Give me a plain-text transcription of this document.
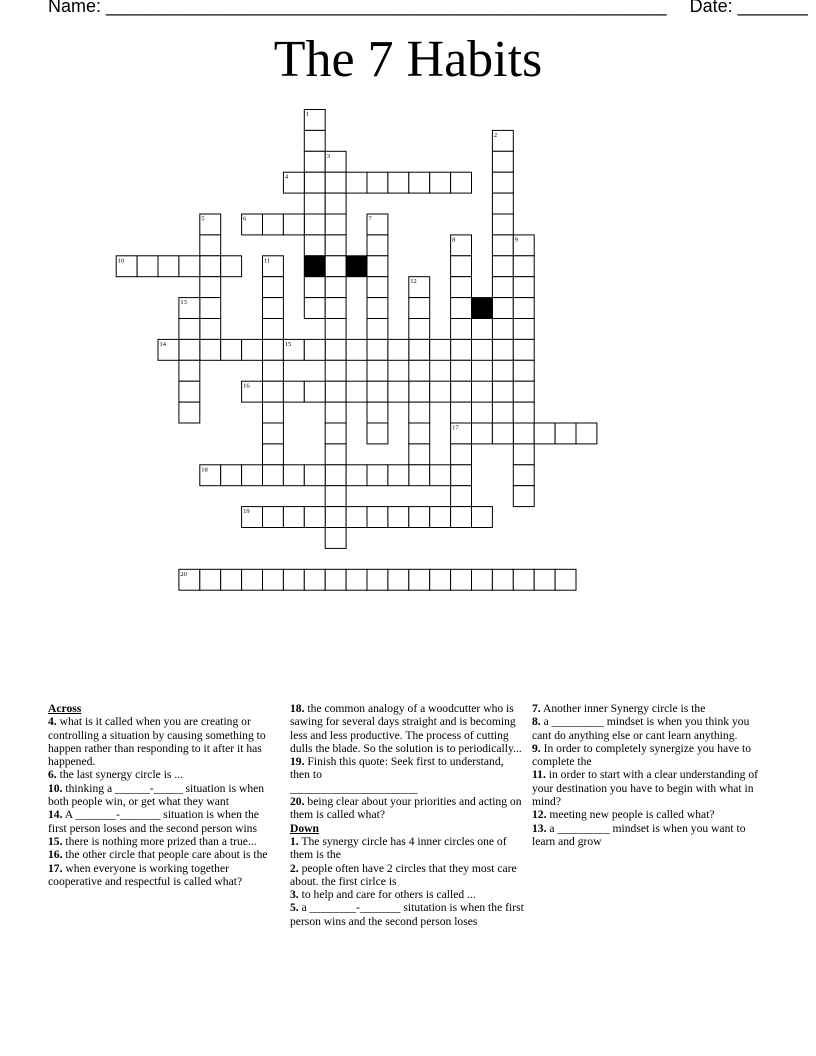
Name: ________________________________________________________ Date: _______
The 7 Habits
1
2
3
4
5	6	7
8
17
9
10	11
12
13
14	15
16
18
19
20
Across

4. what is it called when you are creating or controlling a situation by causing something to happen rather than responding to it after it has happened.

6. the last synergy circle is ...

10. thinking a ______-_____ situation is when both people win, or get what they want

14. A _______-_______ situation is when the first person loses and the second person wins

15. there is nothing more prized than a true...

16. the other circle that people care about is the

17. when everyone is working together cooperative and respectful is called what?

18. the common analogy of a woodcutter who is sawing for several days straight and is becoming less and less productive. The process of cutting dulls the blade. So the solution is to periodically...

19. Finish this quote: Seek first to understand, then to

______________________

20. being clear about your priorities and acting on them is called what?

Down

1. The synergy circle has 4 inner circles one of them is the

2. people often have 2 circles that they most care about. the first cirlce is

3. to help and care for others is called ...

5. a ________-_______ situtation is when the first person wins and the second person loses

7. Another inner Synergy circle is the

8. a _________ mindset is when you think you cant do anything else or cant learn anything.

9. In order to completely synergize you have to complete the

11. in order to start with a clear understanding of your destination you have to begin with what in mind?

12. meeting new people is called what?

13. a _________ mindset is when you want to learn and grow
